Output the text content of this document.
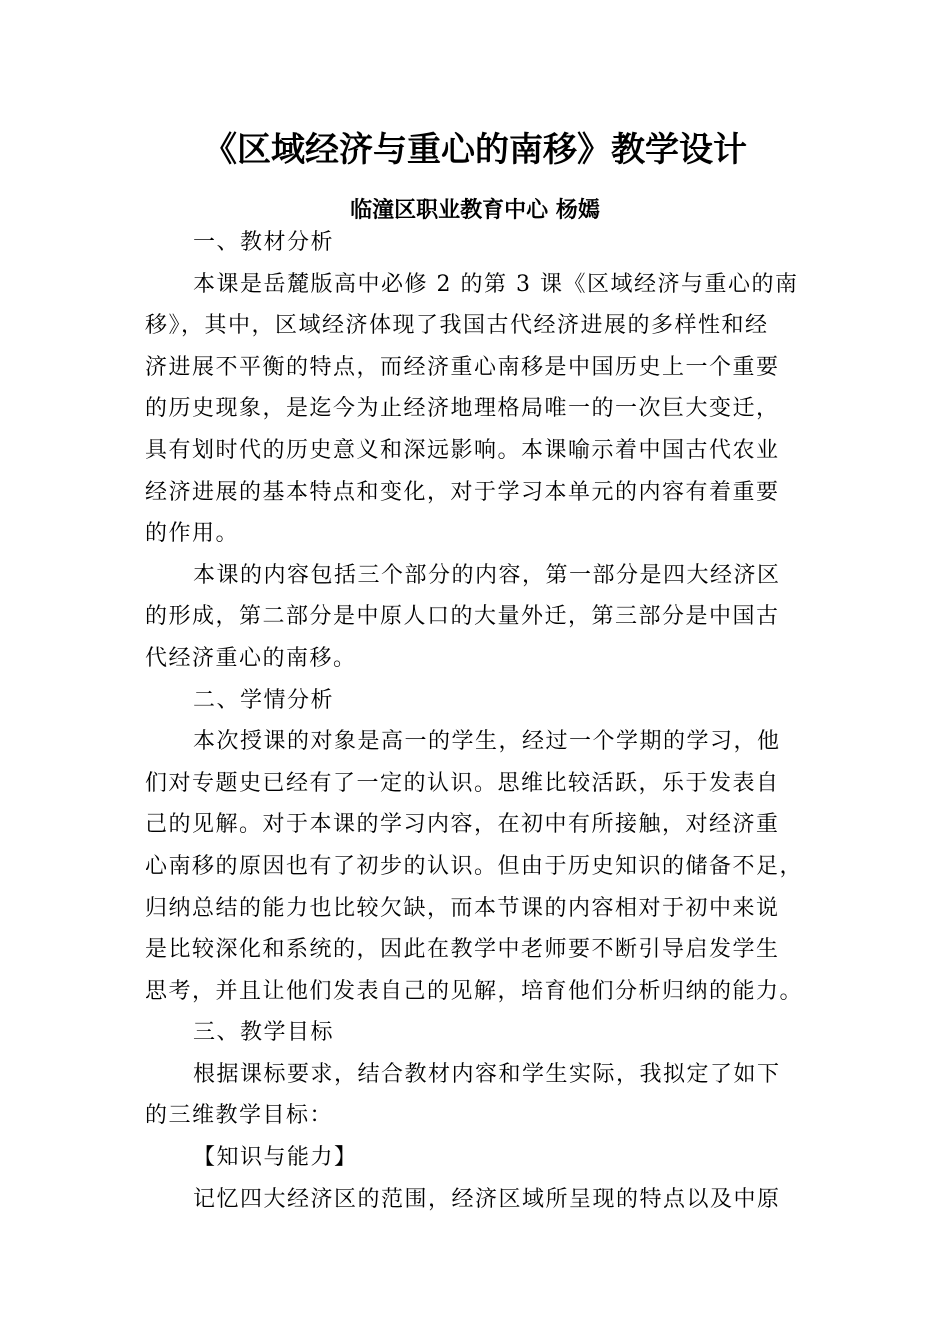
《区域经济与重心的南移》教学设计
临潼区职业教育中心 杨嫣
一、教材分析
本课是岳麓版高中必修 2 的第 3 课《区域经济与重心的南
移》，其中，区域经济体现了我国古代经济进展的多样性和经
济进展不平衡的特点，而经济重心南移是中国历史上一个重要
的历史现象，是迄今为止经济地理格局唯一的一次巨大变迁，
具有划时代的历史意义和深远影响。本课喻示着中国古代农业
经济进展的基本特点和变化，对于学习本单元的内容有着重要
的作用。
本课的内容包括三个部分的内容，第一部分是四大经济区
的形成，第二部分是中原人口的大量外迁，第三部分是中国古
代经济重心的南移。
二、学情分析
本次授课的对象是高一的学生，经过一个学期的学习，他
们对专题史已经有了一定的认识。思维比较活跃，乐于发表自
己的见解。对于本课的学习内容，在初中有所接触，对经济重
心南移的原因也有了初步的认识。但由于历史知识的储备不足，
归纳总结的能力也比较欠缺，而本节课的内容相对于初中来说
是比较深化和系统的，因此在教学中老师要不断引导启发学生
思考，并且让他们发表自己的见解，培育他们分析归纳的能力。
三、教学目标
根据课标要求，结合教材内容和学生实际，我拟定了如下
的三维教学目标：
【知识与能力】
记忆四大经济区的范围，经济区域所呈现的特点以及中原
